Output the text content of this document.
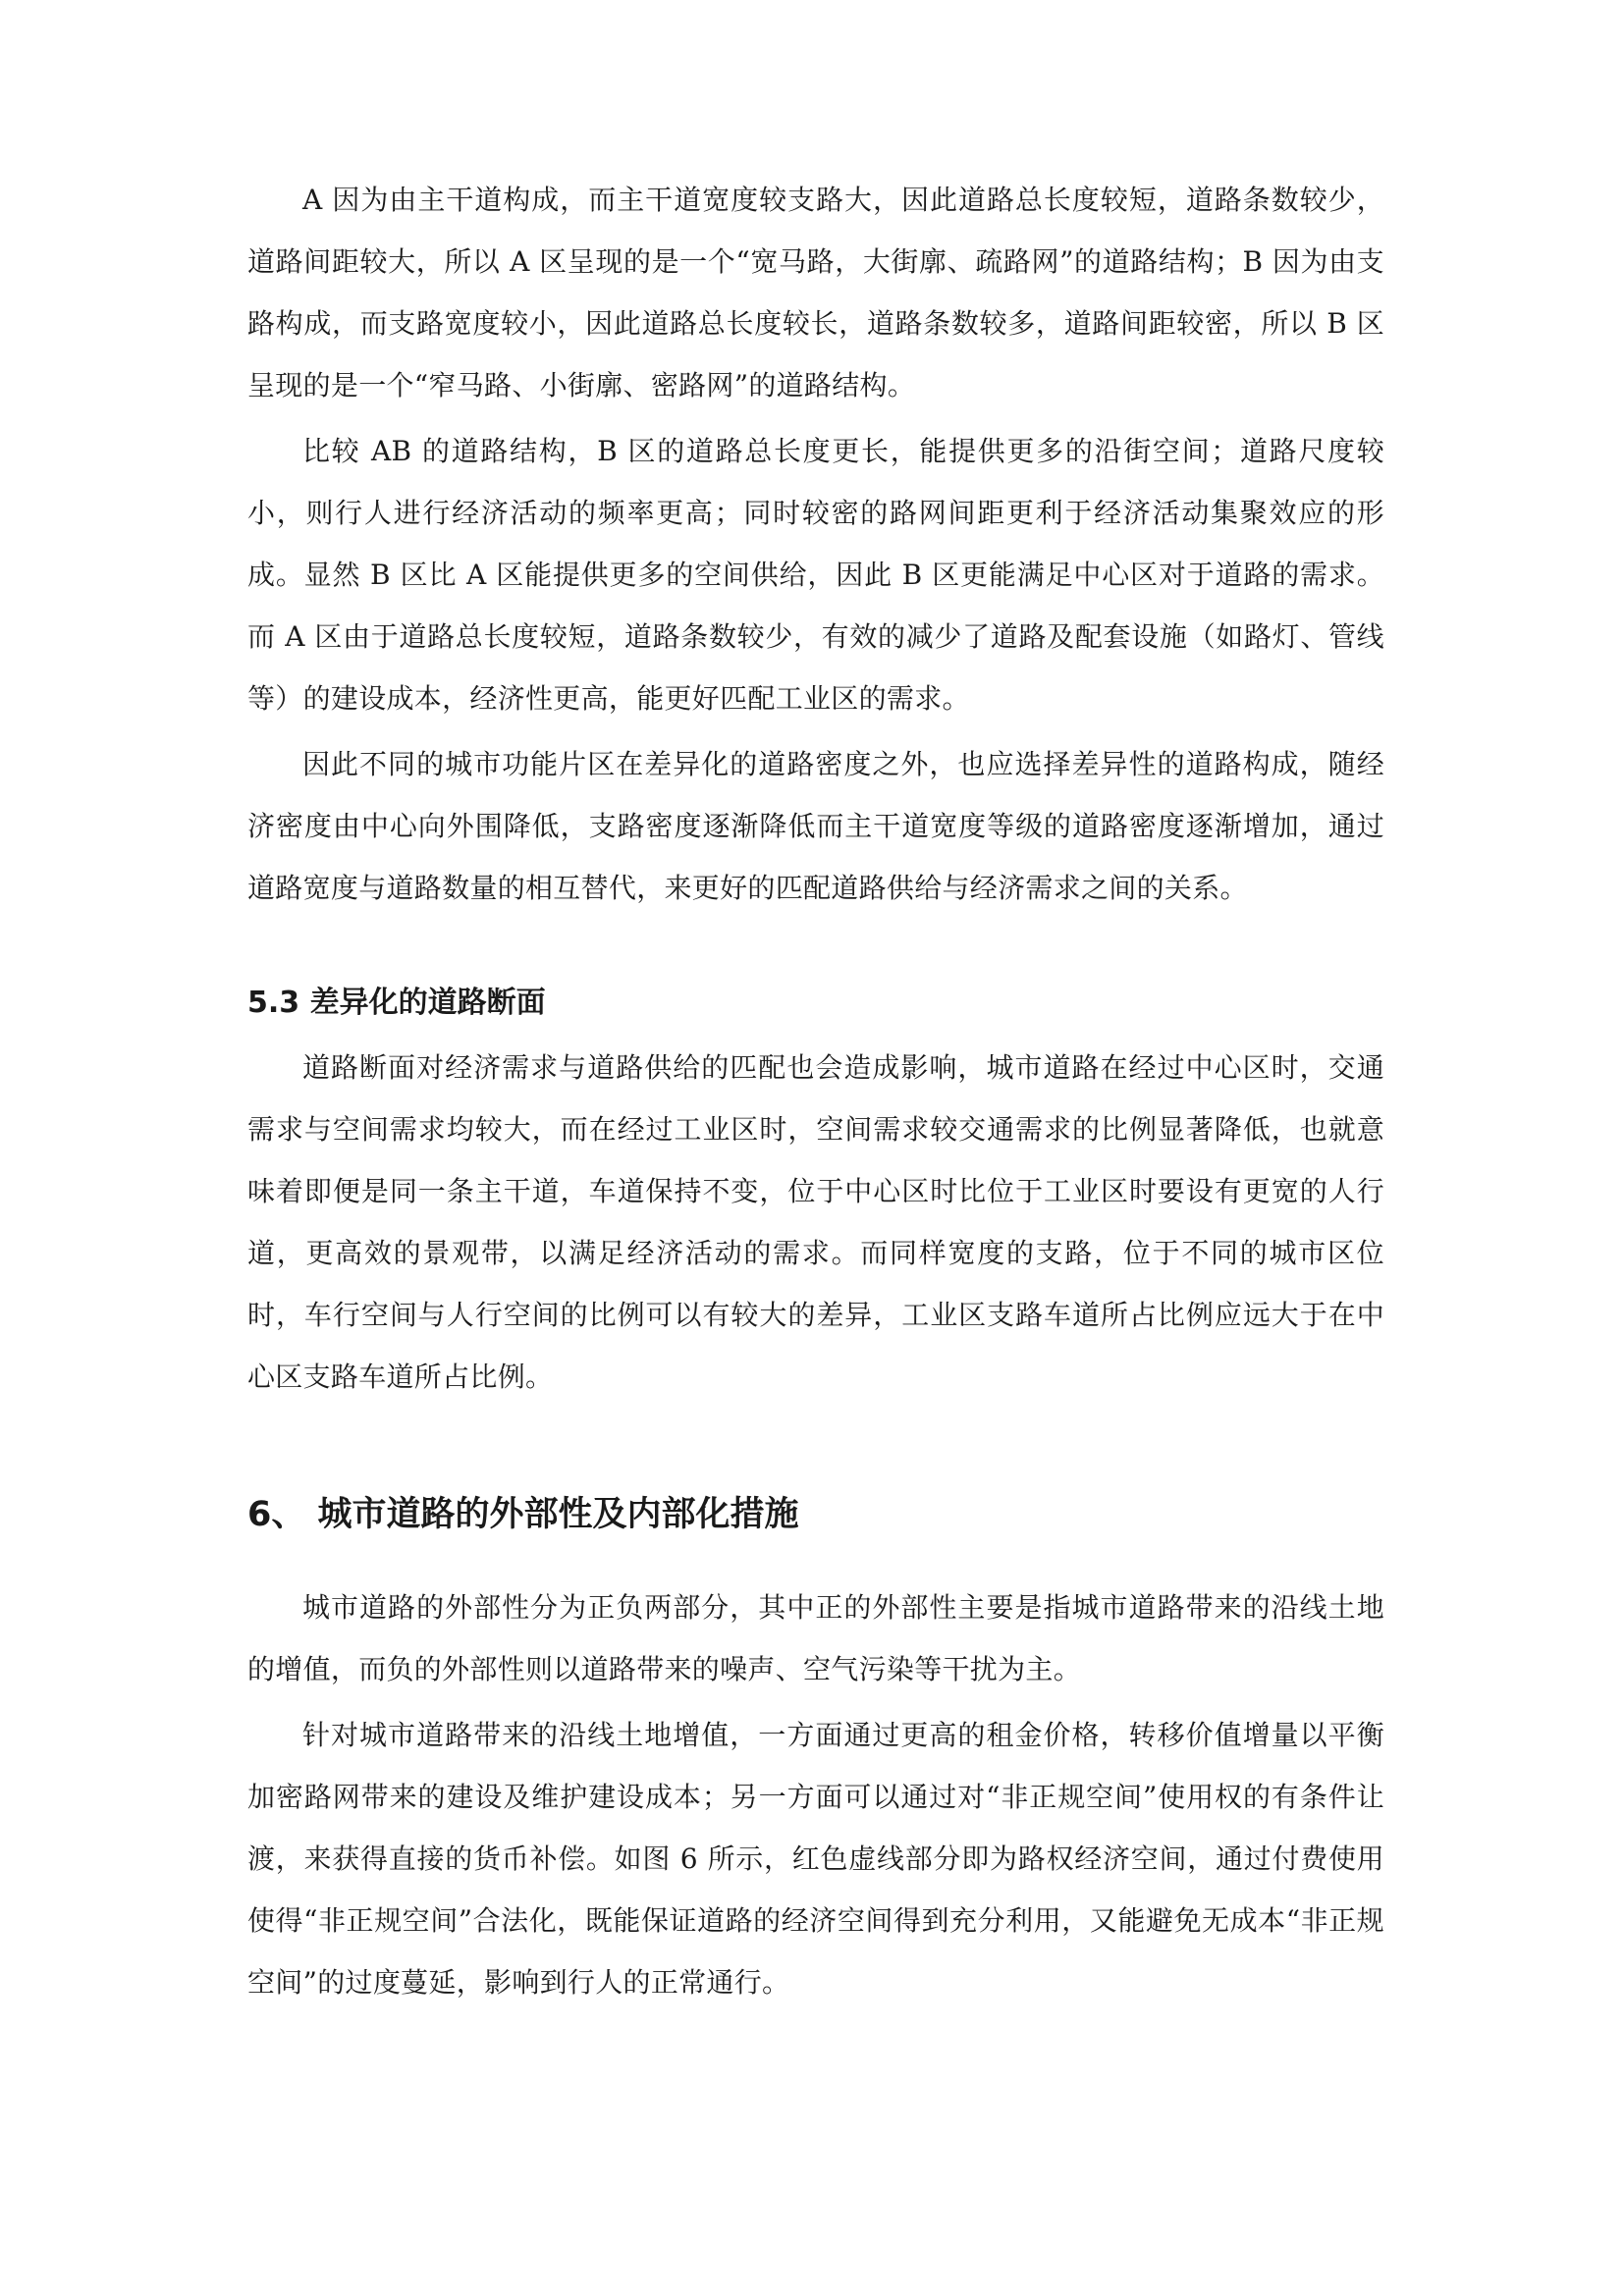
A 因为由主干道构成，而主干道宽度较支路大，因此道路总长度较短，道路条数较少，道路间距较大，所以 A 区呈现的是一个“宽马路，大街廓、疏路网”的道路结构；B 因为由支路构成，而支路宽度较小，因此道路总长度较长，道路条数较多，道路间距较密，所以 B 区呈现的是一个“窄马路、小街廓、密路网”的道路结构。

比较 AB 的道路结构，B 区的道路总长度更长，能提供更多的沿街空间；道路尺度较小，则行人进行经济活动的频率更高；同时较密的路网间距更利于经济活动集聚效应的形成。显然 B 区比 A 区能提供更多的空间供给，因此 B 区更能满足中心区对于道路的需求。而 A 区由于道路总长度较短，道路条数较少，有效的减少了道路及配套设施（如路灯、管线等）的建设成本，经济性更高，能更好匹配工业区的需求。

因此不同的城市功能片区在差异化的道路密度之外，也应选择差异性的道路构成，随经济密度由中心向外围降低，支路密度逐渐降低而主干道宽度等级的道路密度逐渐增加，通过道路宽度与道路数量的相互替代，来更好的匹配道路供给与经济需求之间的关系。

5.3 差异化的道路断面

道路断面对经济需求与道路供给的匹配也会造成影响，城市道路在经过中心区时，交通需求与空间需求均较大，而在经过工业区时，空间需求较交通需求的比例显著降低，也就意味着即便是同一条主干道，车道保持不变，位于中心区时比位于工业区时要设有更宽的人行道，更高效的景观带，以满足经济活动的需求。而同样宽度的支路，位于不同的城市区位时，车行空间与人行空间的比例可以有较大的差异，工业区支路车道所占比例应远大于在中心区支路车道所占比例。

6、 城市道路的外部性及内部化措施

城市道路的外部性分为正负两部分，其中正的外部性主要是指城市道路带来的沿线土地的增值，而负的外部性则以道路带来的噪声、空气污染等干扰为主。

针对城市道路带来的沿线土地增值，一方面通过更高的租金价格，转移价值增量以平衡加密路网带来的建设及维护建设成本；另一方面可以通过对“非正规空间”使用权的有条件让渡，来获得直接的货币补偿。如图 6 所示，红色虚线部分即为路权经济空间，通过付费使用使得“非正规空间”合法化，既能保证道路的经济空间得到充分利用，又能避免无成本“非正规空间”的过度蔓延，影响到行人的正常通行。
